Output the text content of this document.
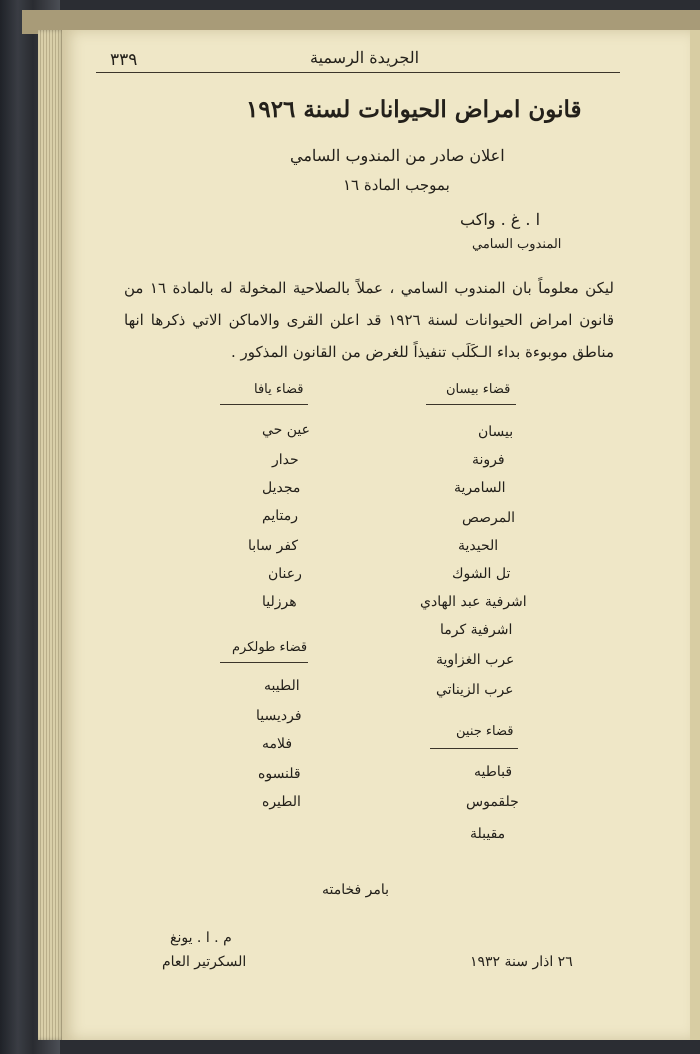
٣٣٩	الجريدة الرسمية
قانون امراض الحيوانات لسنة ١٩٢٦
اعلان صادر من المندوب السامي
بموجب المادة ١٦
ا . غ . واكب
المندوب السامي
ليكن معلوماً بان المندوب السامي ، عملاً بالصلاحية المخولة له بالمادة ١٦ من قانون امراض الحيوانات لسنة ١٩٢٦ قد اعلن القرى والاماكن الاتي ذكرها انها مناطق موبوءة بداء الـكَلَب تنفيذاً للغرض من القانون المذكور .
قضاء بيسان
بيسان
فرونة
السامرية
المرصص
الحيدية
تل الشوك
اشرفية عبد الهادي
اشرفية كرما
عرب الغزاوية
عرب الزيناتي
قضاء جنين
قباطيه
جلقموس
مقيبلة
قضاء يافا
عين حي
حدار
مجديل
رمتايم
كفر سابا
رعنان
هرزليا
قضاء طولكرم
الطيبه
فرديسيا
فلامه
قلنسوه
الطيره
بامر فخامته
م . ا . يونغ
السكرتير العام	٢٦ اذار سنة ١٩٣٢
